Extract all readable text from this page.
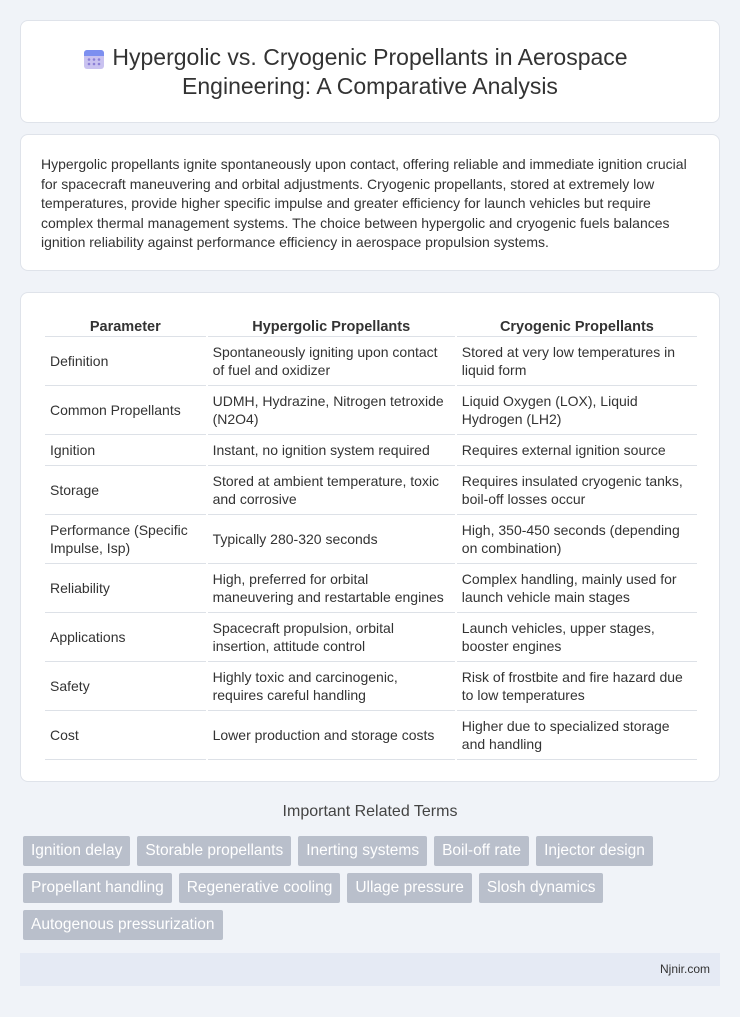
Hypergolic vs. Cryogenic Propellants in Aerospace
Engineering: A Comparative Analysis

Hypergolic propellants ignite spontaneously upon contact, offering reliable and immediate ignition crucial for spacecraft maneuvering and orbital adjustments. Cryogenic propellants, stored at extremely low temperatures, provide higher specific impulse and greater efficiency for launch vehicles but require complex thermal management systems. The choice between hypergolic and cryogenic fuels balances ignition reliability against performance efficiency in aerospace propulsion systems.

Parameter	Hypergolic Propellants	Cryogenic Propellants
Definition	Spontaneously igniting upon contact of fuel and oxidizer	Stored at very low temperatures in liquid form
Common Propellants	UDMH, Hydrazine, Nitrogen tetroxide (N2O4)	Liquid Oxygen (LOX), Liquid Hydrogen (LH2)
Ignition	Instant, no ignition system required	Requires external ignition source
Storage	Stored at ambient temperature, toxic and corrosive	Requires insulated cryogenic tanks, boil-off losses occur
Performance (Specific Impulse, Isp)	Typically 280-320 seconds	High, 350-450 seconds (depending on combination)
Reliability	High, preferred for orbital maneuvering and restartable engines	Complex handling, mainly used for launch vehicle main stages
Applications	Spacecraft propulsion, orbital insertion, attitude control	Launch vehicles, upper stages, booster engines
Safety	Highly toxic and carcinogenic, requires careful handling	Risk of frostbite and fire hazard due to low temperatures
Cost	Lower production and storage costs	Higher due to specialized storage and handling
Important Related Terms
Ignition delay	Storable propellants	Inerting systems	Boil-off rate	Injector design
Propellant handling	Regenerative cooling	Ullage pressure	Slosh dynamics
Autogenous pressurization
Njnir.com
